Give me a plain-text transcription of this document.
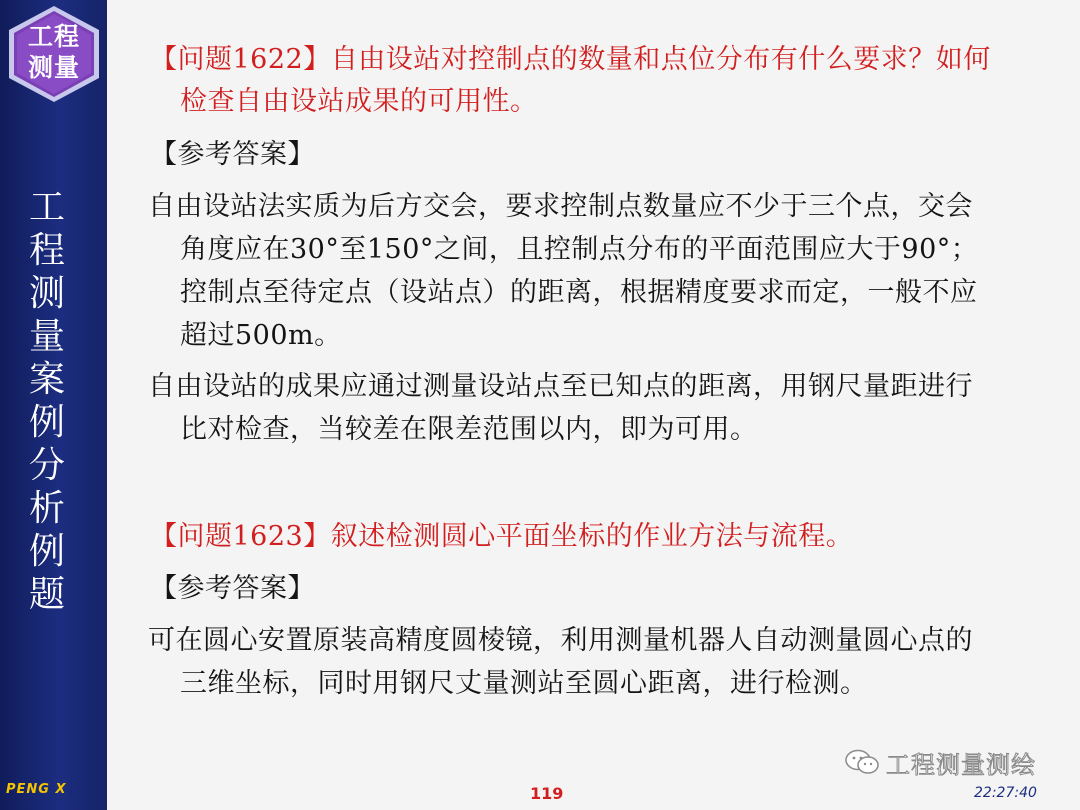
工程
测量
工程测量案例分析例题
PENG X
【问题1622】自由设站对控制点的数量和点位分布有什么要求？如何
检查自由设站成果的可用性。
【参考答案】
自由设站法实质为后方交会，要求控制点数量应不少于三个点，交会
角度应在30°至150°之间，且控制点分布的平面范围应大于90°；
控制点至待定点（设站点）的距离，根据精度要求而定，一般不应
超过500m。
自由设站的成果应通过测量设站点至已知点的距离，用钢尺量距进行
比对检查，当较差在限差范围以内，即为可用。
【问题1623】叙述检测圆心平面坐标的作业方法与流程。
【参考答案】
可在圆心安置原装高精度圆棱镜，利用测量机器人自动测量圆心点的
三维坐标，同时用钢尺丈量测站至圆心距离，进行检测。
工程测量测绘
119	22:27:40
